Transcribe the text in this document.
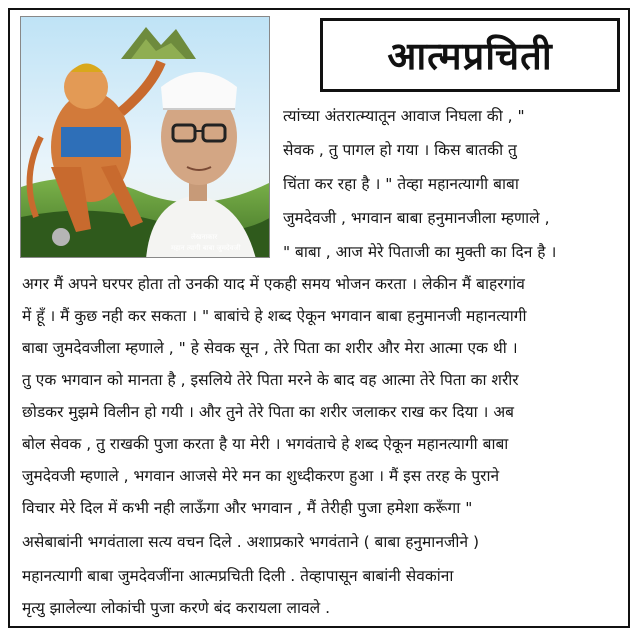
लेखनाकार
महान त्यागी बाबा जुमदेवजी
आत्मप्रचिती
त्यांच्या अंतरात्म्यातून आवाज निघला की , "
सेवक , तु पागल हो गया । किस बातकी तु
चिंता कर रहा है । " तेव्हा महानत्यागी बाबा
जुमदेवजी , भगवान बाबा हनुमानजीला म्हणाले ,
" बाबा , आज मेरे पिताजी का मुक्ती का दिन है ।
अगर मैं अपने घरपर होता तो उनकी याद में एकही समय भोजन करता । लेकीन मैं बाहरगांव
में हूँ । मैं कुछ नही कर सकता । " बाबांचे हे शब्द ऐकून भगवान बाबा हनुमानजी महानत्यागी
बाबा जुमदेवजीला म्हणाले , " हे सेवक सून , तेरे पिता का शरीर और मेरा आत्मा एक थी ।
तु एक भगवान को मानता है , इसलिये तेरे पिता मरने के बाद वह आत्मा तेरे पिता का शरीर
छोडकर मुझमे विलीन हो गयी । और तुने तेरे पिता का शरीर जलाकर राख कर दिया । अब
बोल सेवक , तु राखकी पुजा करता है या मेरी । भगवंताचे हे शब्द ऐकून महानत्यागी बाबा
जुमदेवजी म्हणाले , भगवान आजसे मेरे मन का शुध्दीकरण हुआ । मैं इस तरह के पुराने
विचार मेरे दिल में कभी नही लाऊँगा और भगवान , मैं तेरीही पुजा हमेशा करूँगा "
असेबाबांनी भगवंताला सत्य वचन दिले . अशाप्रकारे भगवंताने ( बाबा हनुमानजीने )
महानत्यागी बाबा जुमदेवजींना आत्मप्रचिती दिली . तेव्हापासून बाबांनी सेवकांना
मृत्यु झालेल्या लोकांची पुजा करणे बंद करायला लावले .
